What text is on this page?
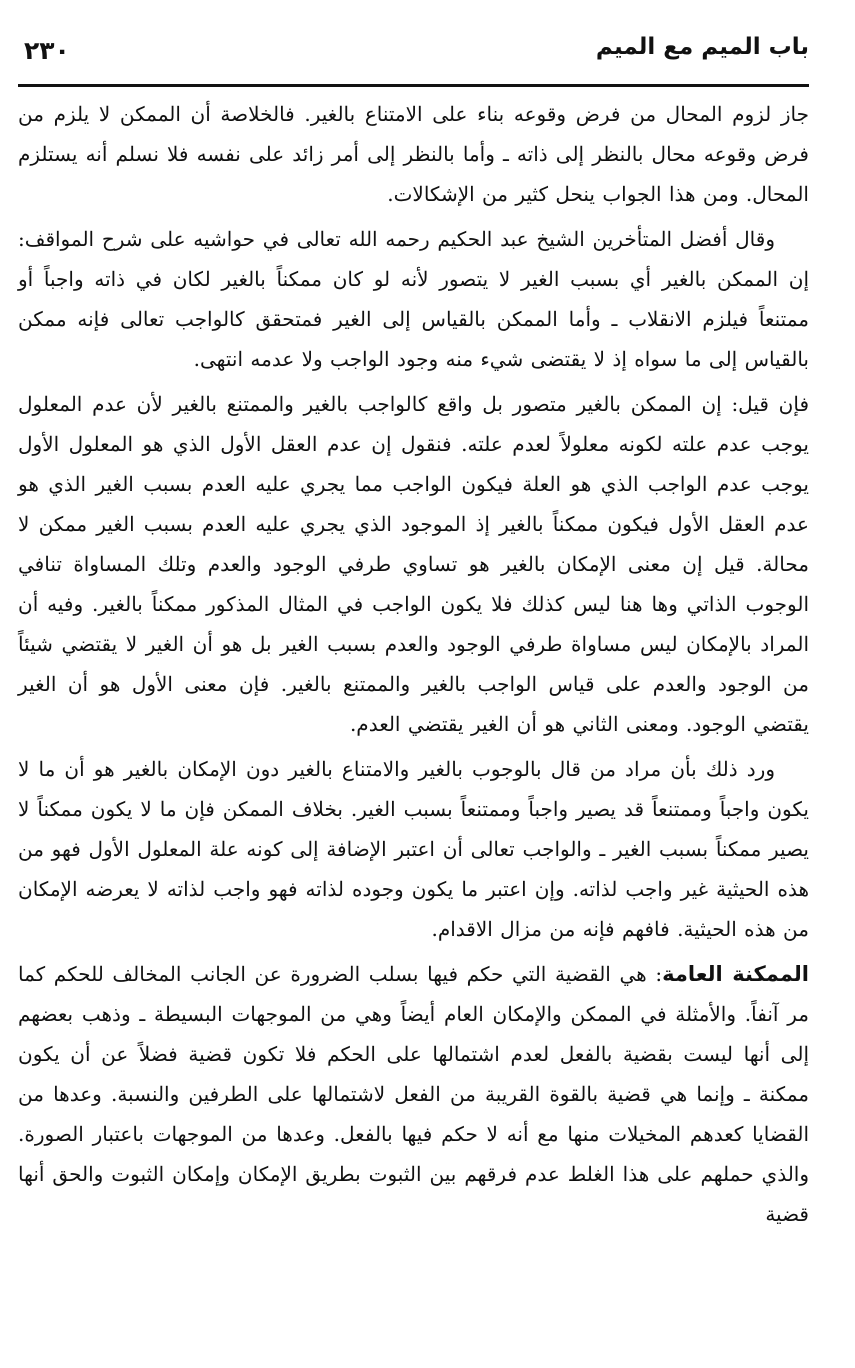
باب الميم مع الميم
٢٣٠

جاز لزوم المحال من فرض وقوعه بناء على الامتناع بالغير. فالخلاصة أن الممكن لا يلزم من فرض وقوعه محال بالنظر إلى ذاته ـ وأما بالنظر إلى أمر زائد على نفسه فلا نسلم أنه يستلزم المحال. ومن هذا الجواب ينحل كثير من الإشكالات.

وقال أفضل المتأخرين الشيخ عبد الحكيم رحمه الله تعالى في حواشيه على شرح المواقف: إن الممكن بالغير أي بسبب الغير لا يتصور لأنه لو كان ممكناً بالغير لكان في ذاته واجباً أو ممتنعاً فيلزم الانقلاب ـ وأما الممكن بالقياس إلى الغير فمتحقق كالواجب تعالى فإنه ممكن بالقياس إلى ما سواه إذ لا يقتضى شيء منه وجود الواجب ولا عدمه انتهى.

فإن قيل: إن الممكن بالغير متصور بل واقع كالواجب بالغير والممتنع بالغير لأن عدم المعلول يوجب عدم علته لكونه معلولاً لعدم علته. فنقول إن عدم العقل الأول الذي هو المعلول الأول يوجب عدم الواجب الذي هو العلة فيكون الواجب مما يجري عليه العدم بسبب الغير الذي هو عدم العقل الأول فيكون ممكناً بالغير إذ الموجود الذي يجري عليه العدم بسبب الغير ممكن لا محالة. قيل إن معنى الإمكان بالغير هو تساوي طرفي الوجود والعدم وتلك المساواة تنافي الوجوب الذاتي وها هنا ليس كذلك فلا يكون الواجب في المثال المذكور ممكناً بالغير. وفيه أن المراد بالإمكان ليس مساواة طرفي الوجود والعدم بسبب الغير بل هو أن الغير لا يقتضي شيئاً من الوجود والعدم على قياس الواجب بالغير والممتنع بالغير. فإن معنى الأول هو أن الغير يقتضي الوجود. ومعنى الثاني هو أن الغير يقتضي العدم.

ورد ذلك بأن مراد من قال بالوجوب بالغير والامتناع بالغير دون الإمكان بالغير هو أن ما لا يكون واجباً وممتنعاً قد يصير واجباً وممتنعاً بسبب الغير. بخلاف الممكن فإن ما لا يكون ممكناً لا يصير ممكناً بسبب الغير ـ والواجب تعالى أن اعتبر الإضافة إلى كونه علة المعلول الأول فهو من هذه الحيثية غير واجب لذاته. وإن اعتبر ما يكون وجوده لذاته فهو واجب لذاته لا يعرضه الإمكان من هذه الحيثية. فافهم فإنه من مزال الاقدام.

الممكنة العامة: هي القضية التي حكم فيها بسلب الضرورة عن الجانب المخالف للحكم كما مر آنفاً. والأمثلة في الممكن والإمكان العام أيضاً وهي من الموجهات البسيطة ـ وذهب بعضهم إلى أنها ليست بقضية بالفعل لعدم اشتمالها على الحكم فلا تكون قضية فضلاً عن أن يكون ممكنة ـ وإنما هي قضية بالقوة القريبة من الفعل لاشتمالها على الطرفين والنسبة. وعدها من القضايا كعدهم المخيلات منها مع أنه لا حكم فيها بالفعل. وعدها من الموجهات باعتبار الصورة. والذي حملهم على هذا الغلط عدم فرقهم بين الثبوت بطريق الإمكان وإمكان الثبوت والحق أنها قضية
